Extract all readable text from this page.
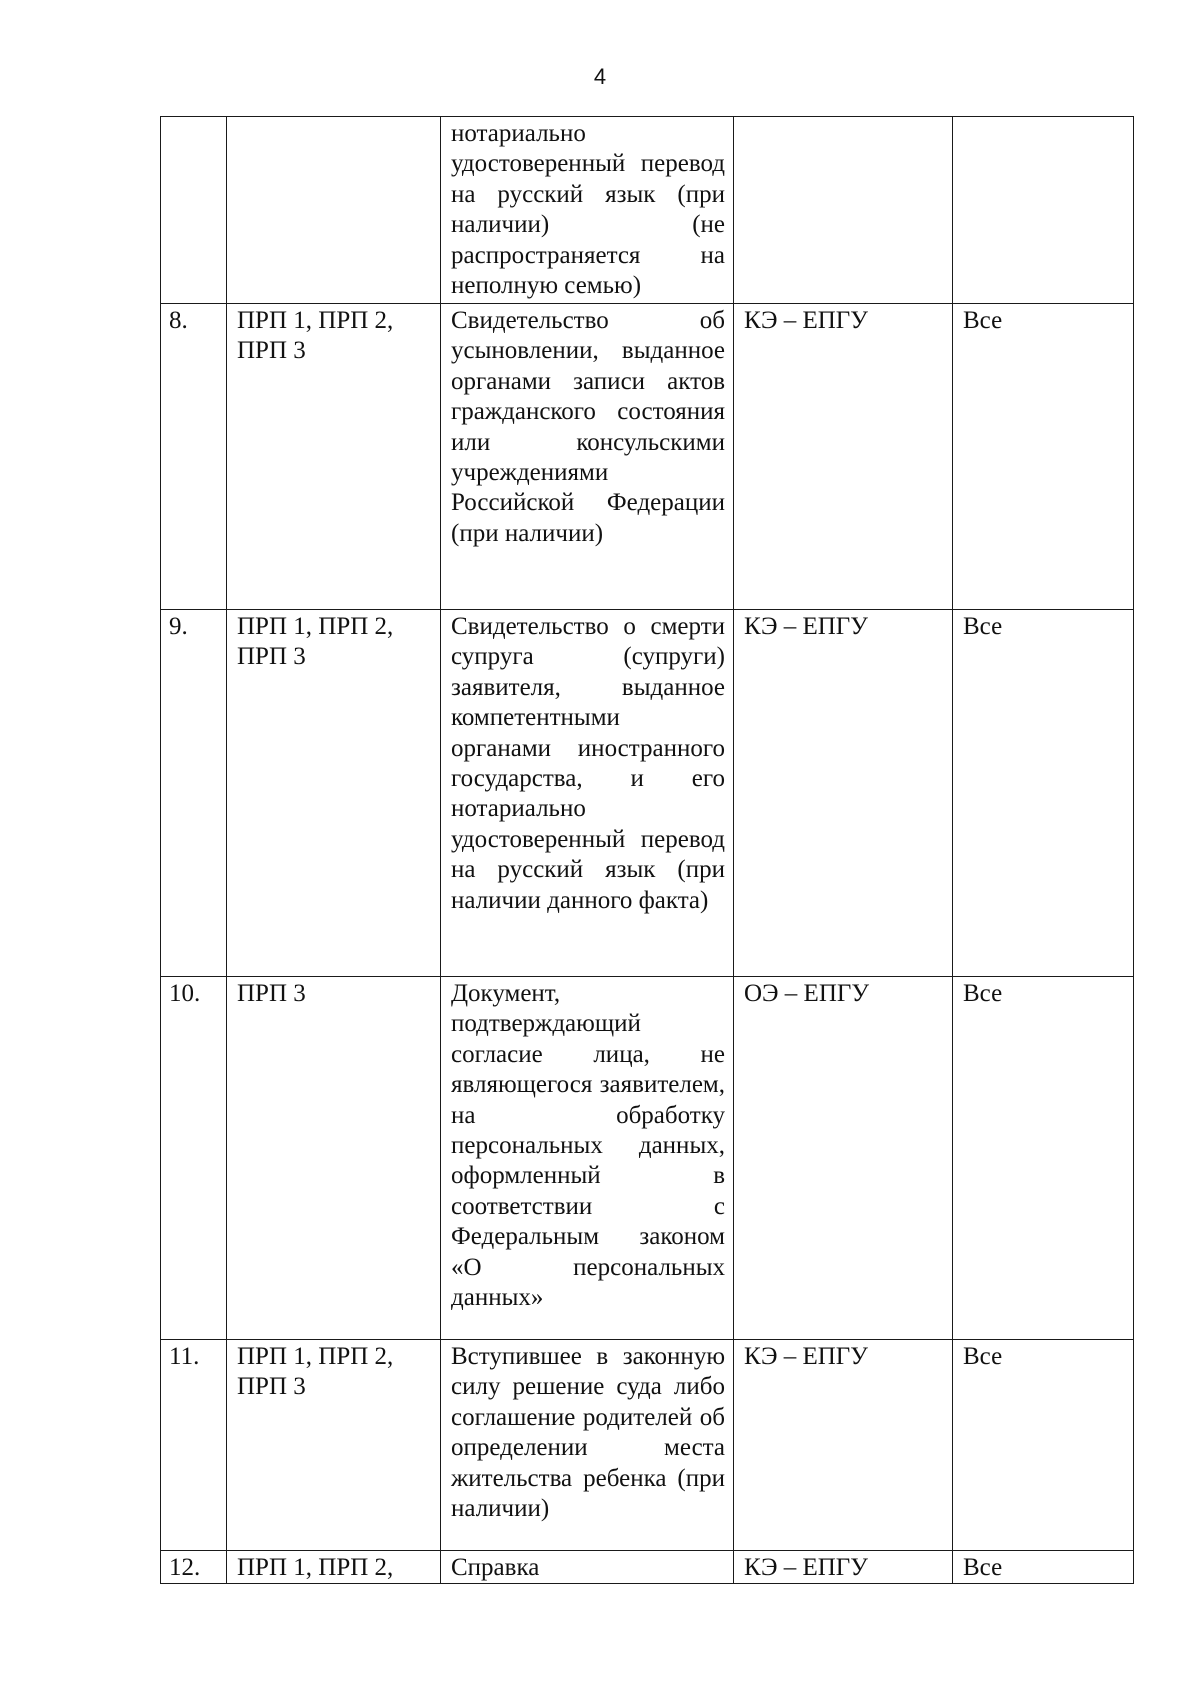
4
		нотариально удостоверенный перевод на русский язык (при наличии) (не распространяется на неполную семью)		
8.	ПРП 1, ПРП 2, ПРП 3	Свидетельство об усыновлении, выданное органами записи актов гражданского состояния или консульскими учреждениями Российской Федерации (при наличии)	КЭ – ЕПГУ	Все
9.	ПРП 1, ПРП 2, ПРП 3	Свидетельство о смерти супруга (супруги) заявителя, выданное компетентными органами иностранного государства, и его нотариально удостоверенный перевод на русский язык (при наличии данного факта)	КЭ – ЕПГУ	Все
10.	ПРП 3	Документ, подтверждающий согласие лица, не являющегося заявителем, на обработку персональных данных, оформленный в соответствии с Федеральным законом «О персональных данных»	ОЭ – ЕПГУ	Все
11.	ПРП 1, ПРП 2, ПРП 3	Вступившее в законную силу решение суда либо соглашение родителей об определении места жительства ребенка (при наличии)	КЭ – ЕПГУ	Все
12.	ПРП 1, ПРП 2,	Справка	КЭ – ЕПГУ	Все
